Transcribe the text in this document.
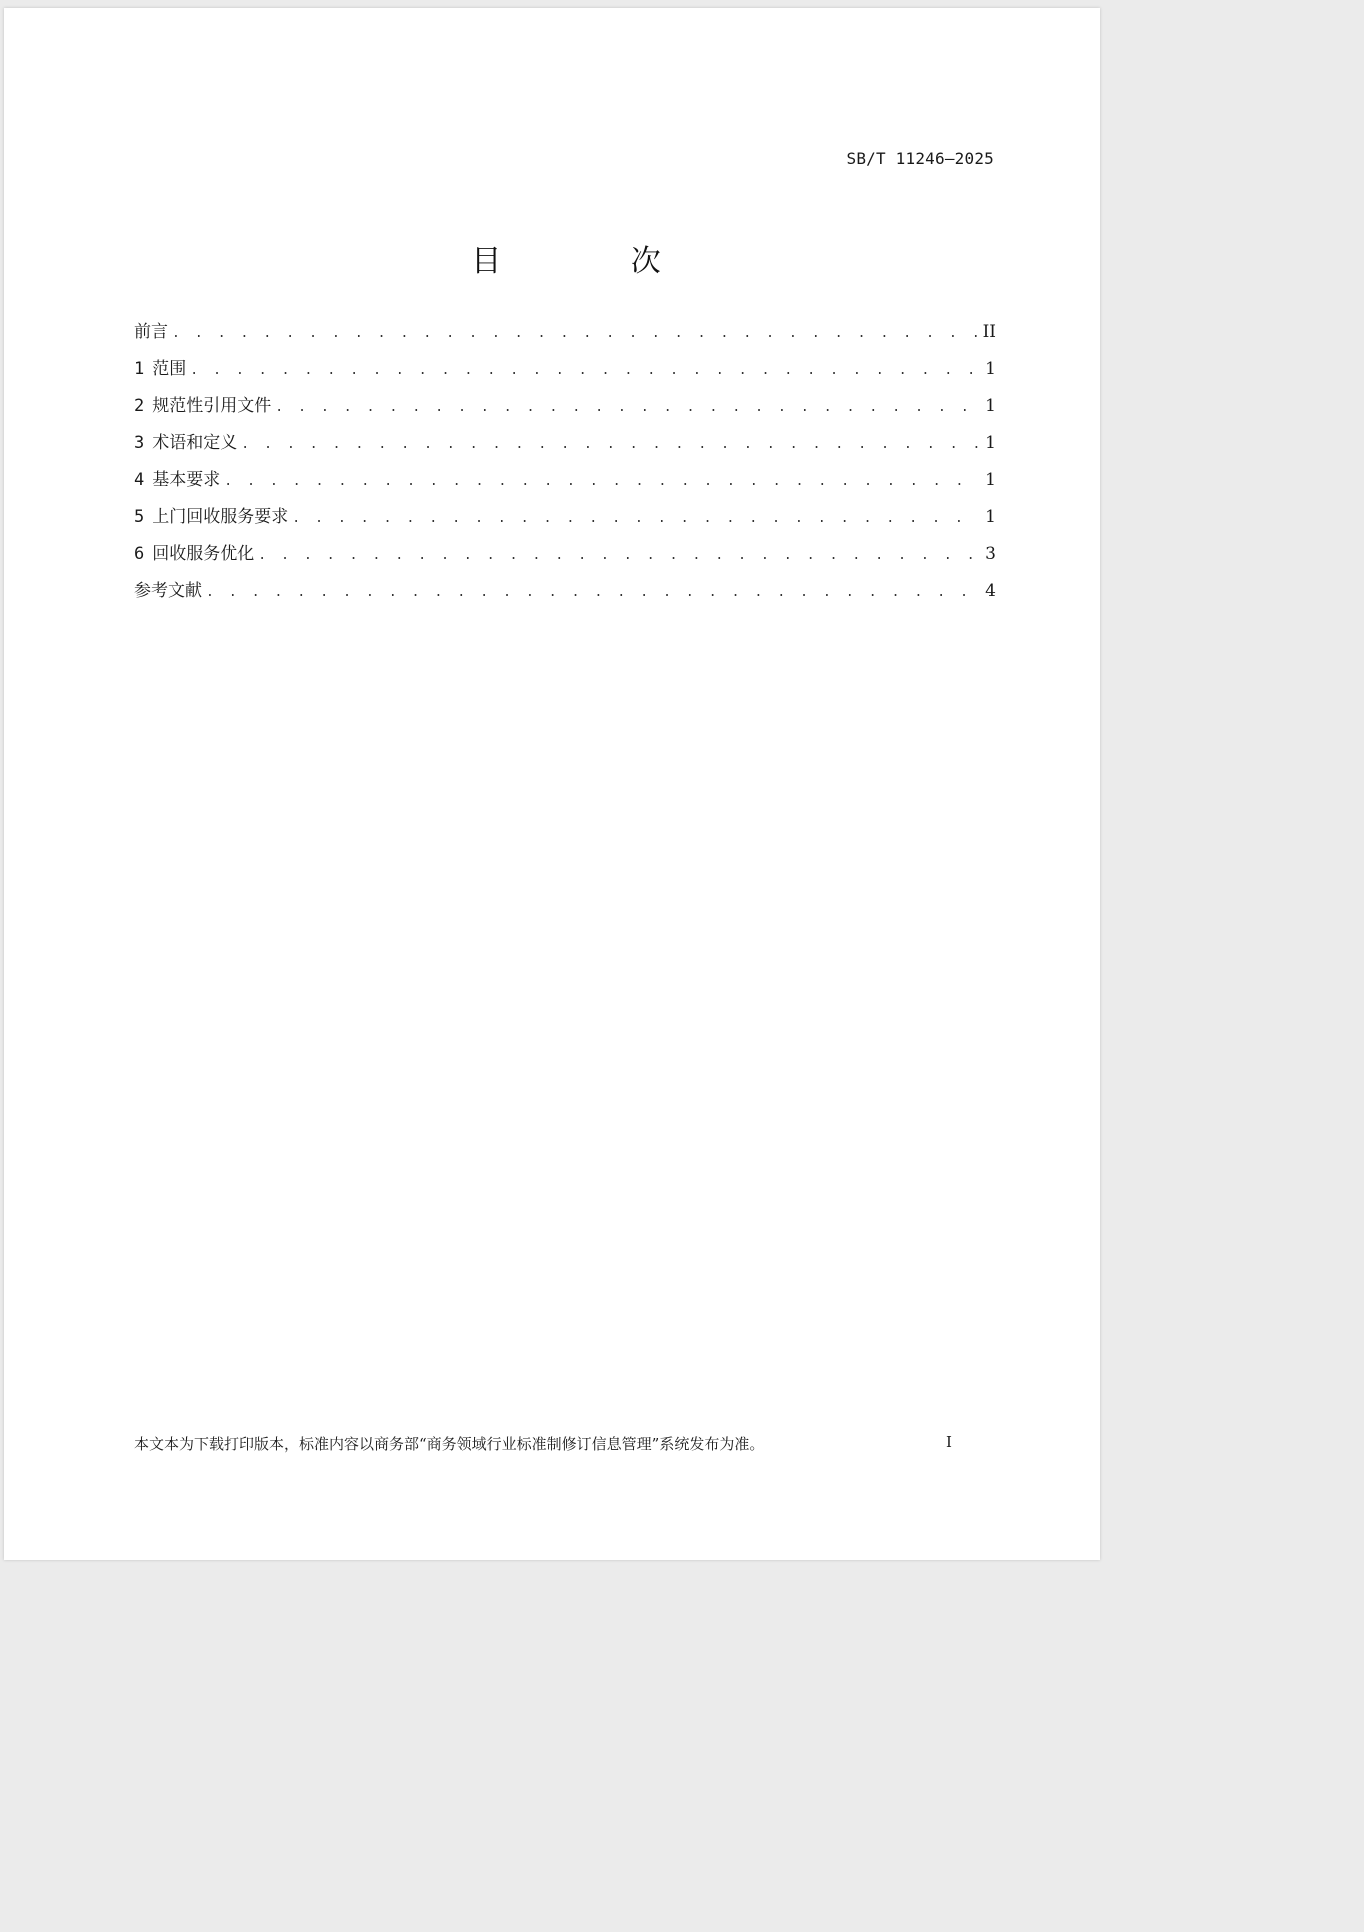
SB/T 11246—2025
目 次
前言 . . .	II
1 范围 . . .	1
2 规范性引用文件 . . .	1
3 术语和定义 . . .	1
4 基本要求 . . .	1
5 上门回收服务要求 . . .	1
6 回收服务优化 . . .	3
参考文献 . . .	4
本文本为下载打印版本，标准内容以商务部“商务领域行业标准制修订信息管理”系统发布为准。	I
